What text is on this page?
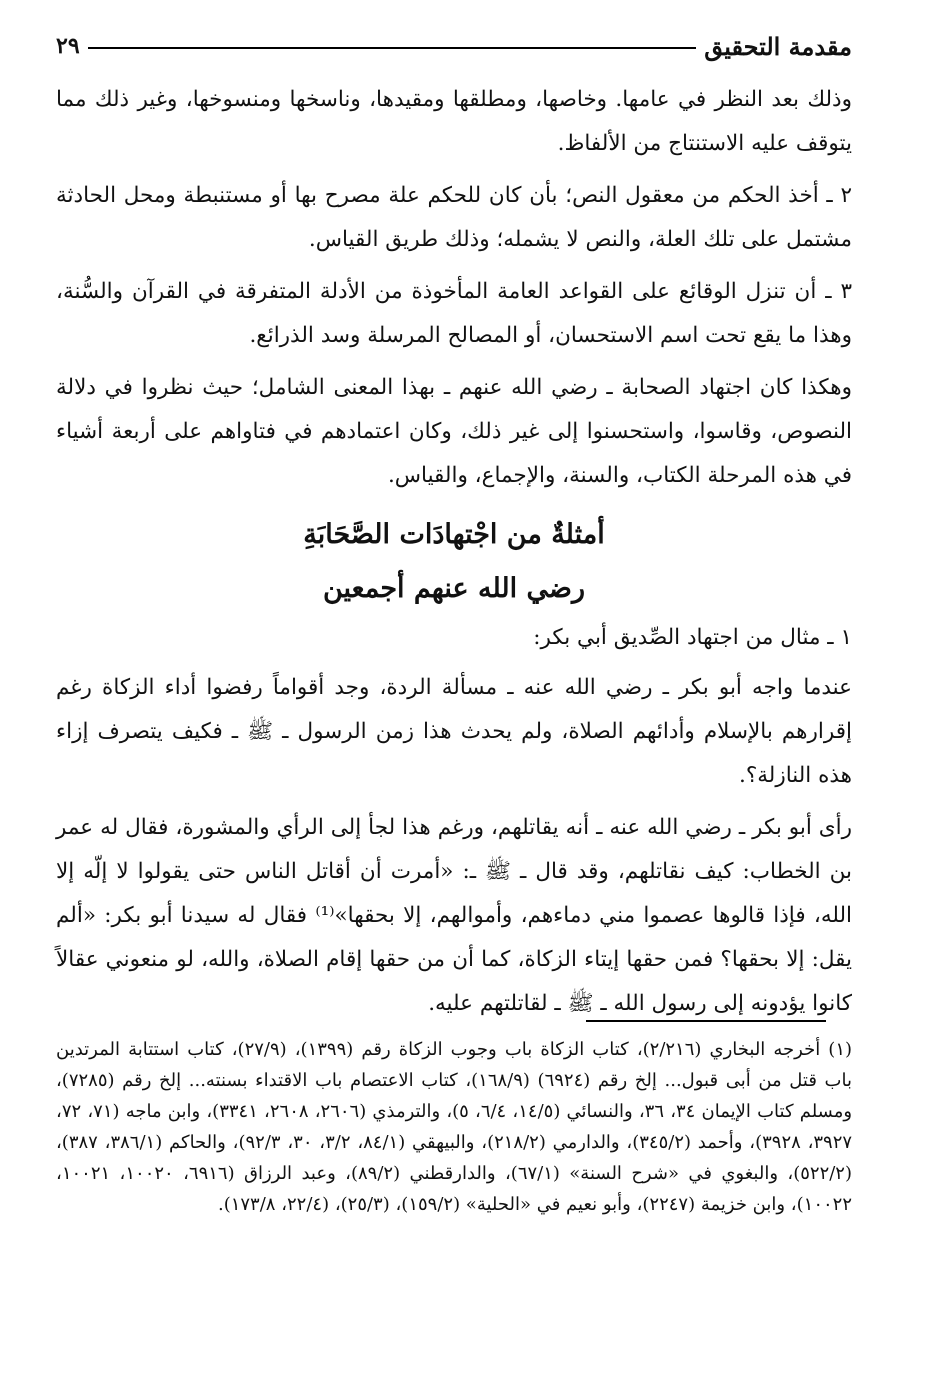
مقدمة التحقيق
٢٩

وذلك بعد النظر في عامها. وخاصها، ومطلقها ومقيدها، وناسخها ومنسوخها، وغير ذلك مما يتوقف عليه الاستنتاج من الألفاظ.

٢ ـ أخذ الحكم من معقول النص؛ بأن كان للحكم علة مصرح بها أو مستنبطة ومحل الحادثة مشتمل على تلك العلة، والنص لا يشمله؛ وذلك طريق القياس.

٣ ـ أن تنزل الوقائع على القواعد العامة المأخوذة من الأدلة المتفرقة في القرآن والسُّنة، وهذا ما يقع تحت اسم الاستحسان، أو المصالح المرسلة وسد الذرائع.

وهكذا كان اجتهاد الصحابة ـ رضي الله عنهم ـ بهذا المعنى الشامل؛ حيث نظروا في دلالة النصوص، وقاسوا، واستحسنوا إلى غير ذلك، وكان اعتمادهم في فتاواهم على أربعة أشياء في هذه المرحلة الكتاب، والسنة، والإجماع، والقياس.

أمثلةٌ من اجْتهادَات الصَّحَابَةِ

رضي الله عنهم أجمعين

١ ـ مثال من اجتهاد الصِّديق أبي بكر:

عندما واجه أبو بكر ـ رضي الله عنه ـ مسألة الردة، وجد أقواماً رفضوا أداء الزكاة رغم إقرارهم بالإسلام وأدائهم الصلاة، ولم يحدث هذا زمن الرسول ـ ﷺ ـ فكيف يتصرف إزاء هذه النازلة؟.

رأى أبو بكر ـ رضي الله عنه ـ أنه يقاتلهم، ورغم هذا لجأ إلى الرأي والمشورة، فقال له عمر بن الخطاب: كيف نقاتلهم، وقد قال ـ ﷺ ـ: «أمرت أن أقاتل الناس حتى يقولوا لا إلّه إلا الله، فإذا قالوها عصموا مني دماءهم، وأموالهم، إلا بحقها»⁽¹⁾ فقال له سيدنا أبو بكر: «ألم يقل: إلا بحقها؟ فمن حقها إيتاء الزكاة، كما أن من حقها إقام الصلاة، والله، لو منعوني عقالاً كانوا يؤدونه إلى رسول الله ـ ﷺ ـ لقاتلتهم عليه.

(١) أخرجه البخاري (٢/٢١٦)، كتاب الزكاة باب وجوب الزكاة رقم (١٣٩٩)، (٢٧/٩)، كتاب استتابة المرتدين باب قتل من أبى قبول... إلخ رقم (٦٩٢٤) (١٦٨/٩)، كتاب الاعتصام باب الاقتداء بسنته... إلخ رقم (٧٢٨٥)، ومسلم كتاب الإيمان ٣٤، ٣٦، والنسائي (١٤/٥، ٦/٤، ٥)، والترمذي (٢٦٠٦، ٢٦٠٨، ٣٣٤١)، وابن ماجه (٧١، ٧٢، ٣٩٢٧، ٣٩٢٨)، وأحمد (٣٤٥/٢)، والدارمي (٢١٨/٢)، والبيهقي (٨٤/١، ٣/٢، ٣٠، ٩٢/٣)، والحاكم (٣٨٦/١، ٣٨٧)، (٥٢٢/٢)، والبغوي في «شرح السنة» (٦٧/١)، والدارقطني (٨٩/٢)، وعبد الرزاق (٦٩١٦، ١٠٠٢٠، ١٠٠٢١، ١٠٠٢٢)، وابن خزيمة (٢٢٤٧)، وأبو نعيم في «الحلية» (١٥٩/٢)، (٢٥/٣)، (٢٢/٤، ١٧٣/٨).
